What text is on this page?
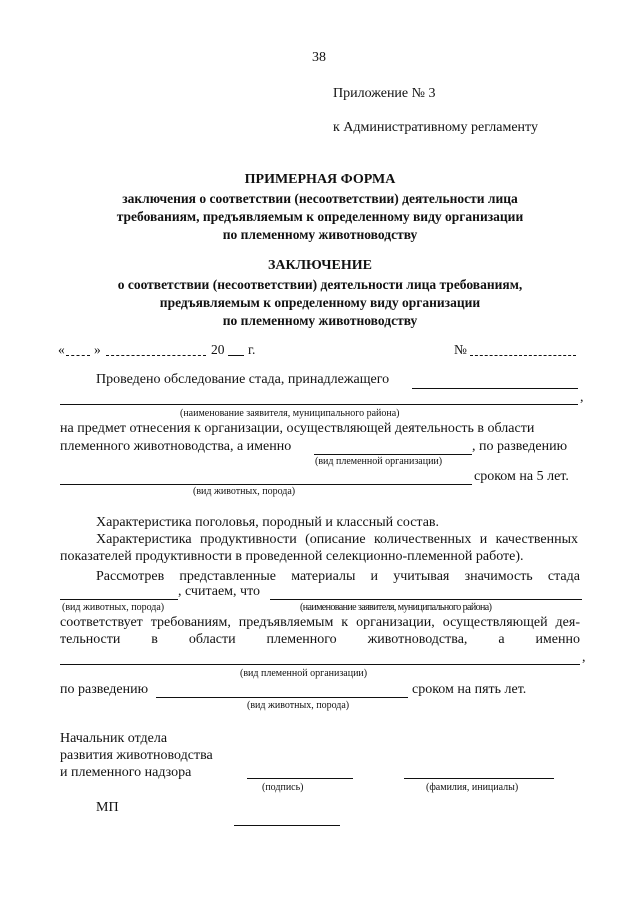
38
Приложение № 3
к Административному регламенту
ПРИМЕРНАЯ ФОРМА
заключения о соответствии (несоответствии) деятельности лица
требованиям, предъявляемым к определенному виду организации
по племенному животноводству
ЗАКЛЮЧЕНИЕ
о соответствии (несоответствии) деятельности лица требованиям,
предъявляемым к определенному виду организации
по племенному животноводству
« »	20 г.	№
Проведено обследование стада, принадлежащего
,
(наименование заявителя, муниципального района)
на предмет отнесения к организации, осуществляющей деятельность в области
племенного животноводства, а именно	, по разведению
(вид племенной организации)
сроком на 5 лет.
(вид животных, порода)
Характеристика поголовья, породный и классный состав.
Характеристика продуктивности (описание количественных и качественных
показателей продуктивности в проведенной селекционно-племенной работе).
Рассмотрев представленные материалы и учитывая значимость стада
, считаем, что
(вид животных, порода)	(наименование заявителя, муниципального района)
соответствует требованиям, предъявляемым к организации, осуществляющей дея-
тельности в области племенного животноводства, а именно
,
(вид племенной организации)
по разведению	сроком на пять лет.
(вид животных, порода)
Начальник отдела
развития животноводства
и племенного надзора
(подпись)	(фамилия, инициалы)
МП
